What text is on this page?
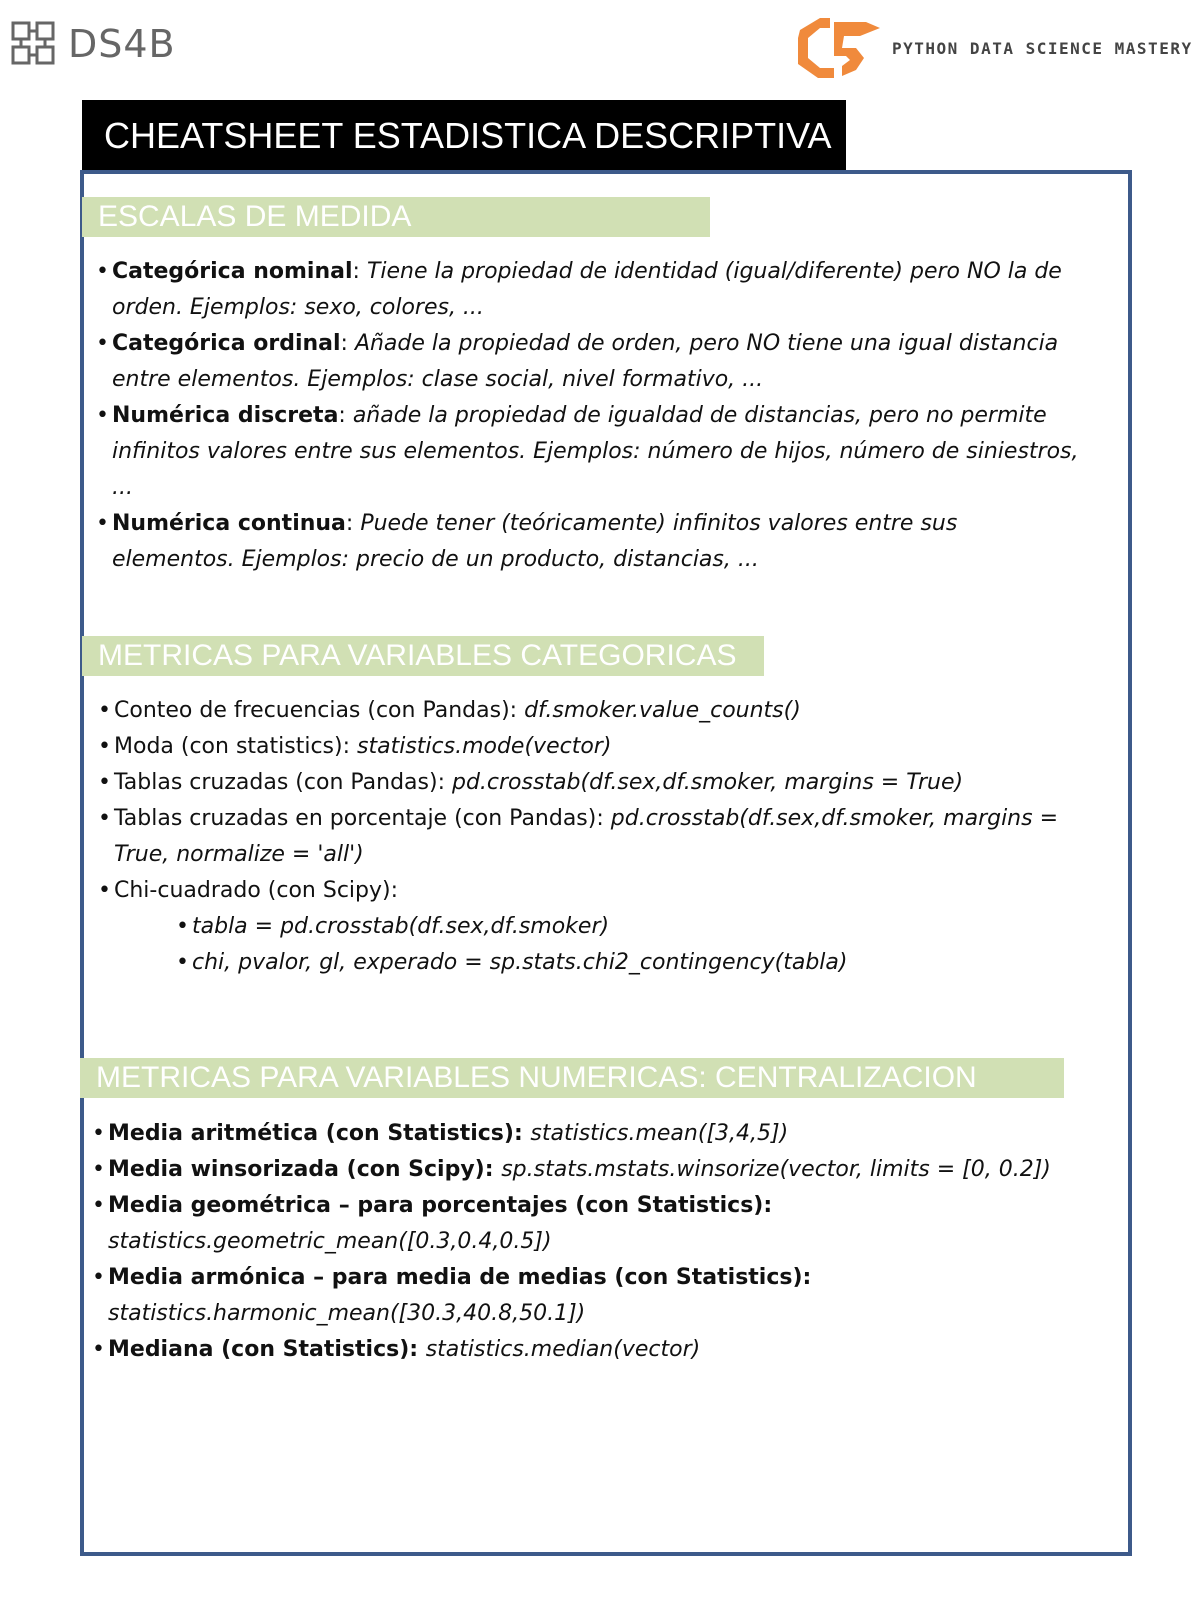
DS4B	PYTHON DATA SCIENCE MASTERY
CHEATSHEET ESTADISTICA DESCRIPTIVA
ESCALAS DE MEDIDA
• Categórica nominal: Tiene la propiedad de identidad (igual/diferente) pero NO la de orden. Ejemplos: sexo, colores, ...
• Categórica ordinal: Añade la propiedad de orden, pero NO tiene una igual distancia entre elementos. Ejemplos: clase social, nivel formativo, ...
• Numérica discreta: añade la propiedad de igualdad de distancias, pero no permite infinitos valores entre sus elementos. Ejemplos: número de hijos, número de siniestros, ...
• Numérica continua: Puede tener (teóricamente) infinitos valores entre sus elementos. Ejemplos: precio de un producto, distancias, ...
METRICAS PARA VARIABLES CATEGORICAS
• Conteo de frecuencias (con Pandas): df.smoker.value_counts()
• Moda (con statistics): statistics.mode(vector)
• Tablas cruzadas (con Pandas): pd.crosstab(df.sex,df.smoker, margins = True)
• Tablas cruzadas en porcentaje (con Pandas): pd.crosstab(df.sex,df.smoker, margins = True, normalize = 'all')
• Chi-cuadrado (con Scipy):
• tabla = pd.crosstab(df.sex,df.smoker)
• chi, pvalor, gl, experado = sp.stats.chi2_contingency(tabla)
METRICAS PARA VARIABLES NUMERICAS: CENTRALIZACION
• Media aritmética (con Statistics): statistics.mean([3,4,5])
• Media winsorizada (con Scipy): sp.stats.mstats.winsorize(vector, limits = [0, 0.2])
• Media geométrica – para porcentajes (con Statistics): statistics.geometric_mean([0.3,0.4,0.5])
• Media armónica – para media de medias (con Statistics): statistics.harmonic_mean([30.3,40.8,50.1])
• Mediana (con Statistics): statistics.median(vector)
